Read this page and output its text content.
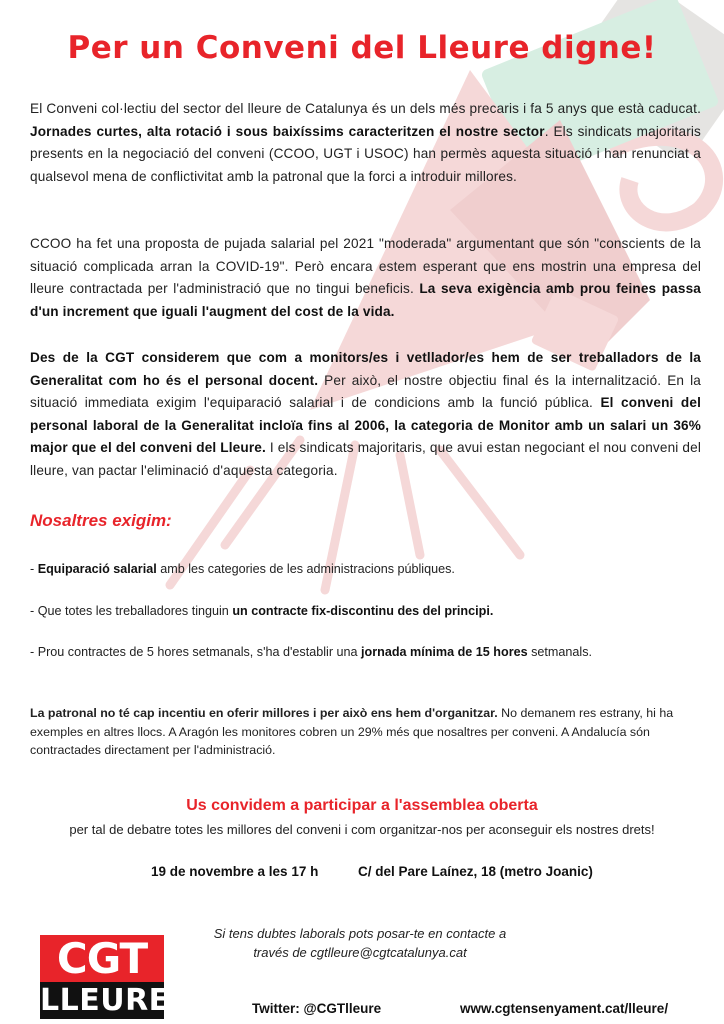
Per un Conveni del Lleure digne!

El Conveni col·lectiu del sector del lleure de Catalunya és un dels més precaris i fa 5 anys que està caducat. Jornades curtes, alta rotació i sous baixíssims caracteritzen el nostre sector. Els sindicats majoritaris presents en la negociació del conveni (CCOO, UGT i USOC) han permès aquesta situació i han renunciat a qualsevol mena de conflictivitat amb la patronal que la forci a introduir millores.

CCOO ha fet una proposta de pujada salarial pel 2021 "moderada" argumentant que són "conscients de la situació complicada arran la COVID-19". Però encara estem esperant que ens mostrin una empresa del lleure contractada per l'administració que no tingui beneficis. La seva exigència amb prou feines passa d'un increment que iguali l'augment del cost de la vida.

Des de la CGT considerem que com a monitors/es i vetllador/es hem de ser treballadors de la Generalitat com ho és el personal docent. Per això, el nostre objectiu final és la internalització. En la situació immediata exigim l'equiparació salarial i de condicions amb la funció pública. El conveni del personal laboral de la Generalitat incloïa fins al 2006, la categoria de Monitor amb un salari un 36% major que el del conveni del Lleure. I els sindicats majoritaris, que avui estan negociant el nou conveni del lleure, van pactar l'eliminació d'aquesta categoria.

Nosaltres exigim:

- Equiparació salarial amb les categories de les administracions públiques.

- Que totes les treballadores tinguin un contracte fix-discontinu des del principi.

- Prou contractes de 5 hores setmanals, s'ha d'establir una jornada mínima de 15 hores setmanals.

La patronal no té cap incentiu en oferir millores i per això ens hem d'organitzar. No demanem res estrany, hi ha exemples en altres llocs. A Aragón les monitores cobren un 29% més que nosaltres per conveni. A Andalucía són contractades directament per l'administració.

Us convidem a participar a l'assemblea oberta

per tal de debatre totes les millores del conveni i com organitzar-nos per aconseguir els nostres drets!

19 de novembre a les 17 h	C/ del Pare Laínez, 18 (metro Joanic)

Si tens dubtes laborals pots posar-te en contacte a
través de cgtlleure@cgtcatalunya.cat
CGT
LLEURE	Twitter: @CGTlleure	www.cgtensenyament.cat/lleure/
